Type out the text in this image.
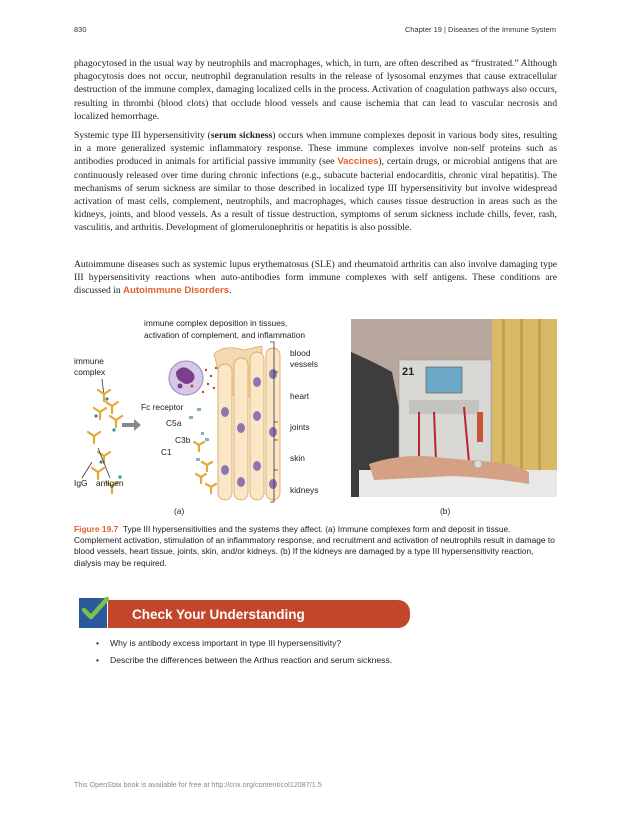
830	Chapter 19 | Diseases of the Immune System

phagocytosed in the usual way by neutrophils and macrophages, which, in turn, are often described as “frustrated.” Although phagocytosis does not occur, neutrophil degranulation results in the release of lysosomal enzymes that cause extracellular destruction of the immune complex, damaging localized cells in the process. Activation of coagulation pathways also occurs, resulting in thrombi (blood clots) that occlude blood vessels and cause ischemia that can lead to vascular necrosis and localized hemorrhage.

Systemic type III hypersensitivity (serum sickness) occurs when immune complexes deposit in various body sites, resulting in a more generalized systemic inflammatory response. These immune complexes involve non-self proteins such as antibodies produced in animals for artificial passive immunity (see Vaccines), certain drugs, or microbial antigens that are continuously released over time during chronic infections (e.g., subacute bacterial endocarditis, chronic viral hepatitis). The mechanisms of serum sickness are similar to those described in localized type III hypersensitivity but involve widespread activation of mast cells, complement, neutrophils, and macrophages, which causes tissue destruction in areas such as the kidneys, joints, and blood vessels. As a result of tissue destruction, symptoms of serum sickness include chills, fever, rash, vasculitis, and arthritis. Development of glomerulonephritis or hepatitis is also possible.

Autoimmune diseases such as systemic lupus erythematosus (SLE) and rheumatoid arthritis can also involve damaging type III hypersensitivity reactions when auto-antibodies form immune complexes with self antigens. These conditions are discussed in Autoimmune Disorders.

immune complex deposition in tissues,
activation of complement, and inflammation
immune
complex
IgG antigen
Fc receptor
C5a
C3b
C1
blood
vessels
heart
joints
skin
kidneys
(a)
21
(b)

Figure 19.7 Type III hypersensitivities and the systems they affect. (a) Immune complexes form and deposit in tissue. Complement activation, stimulation of an inflammatory response, and recruitment and activation of neutrophils result in damage to blood vessels, heart tissue, joints, skin, and/or kidneys. (b) If the kidneys are damaged by a type III hypersensitivity reaction, dialysis may be required.

Check Your Understanding
• Why is antibody excess important in type III hypersensitivity?
• Describe the differences between the Arthus reaction and serum sickness.
This OpenStax book is available for free at http://cnx.org/content/col12087/1.5
